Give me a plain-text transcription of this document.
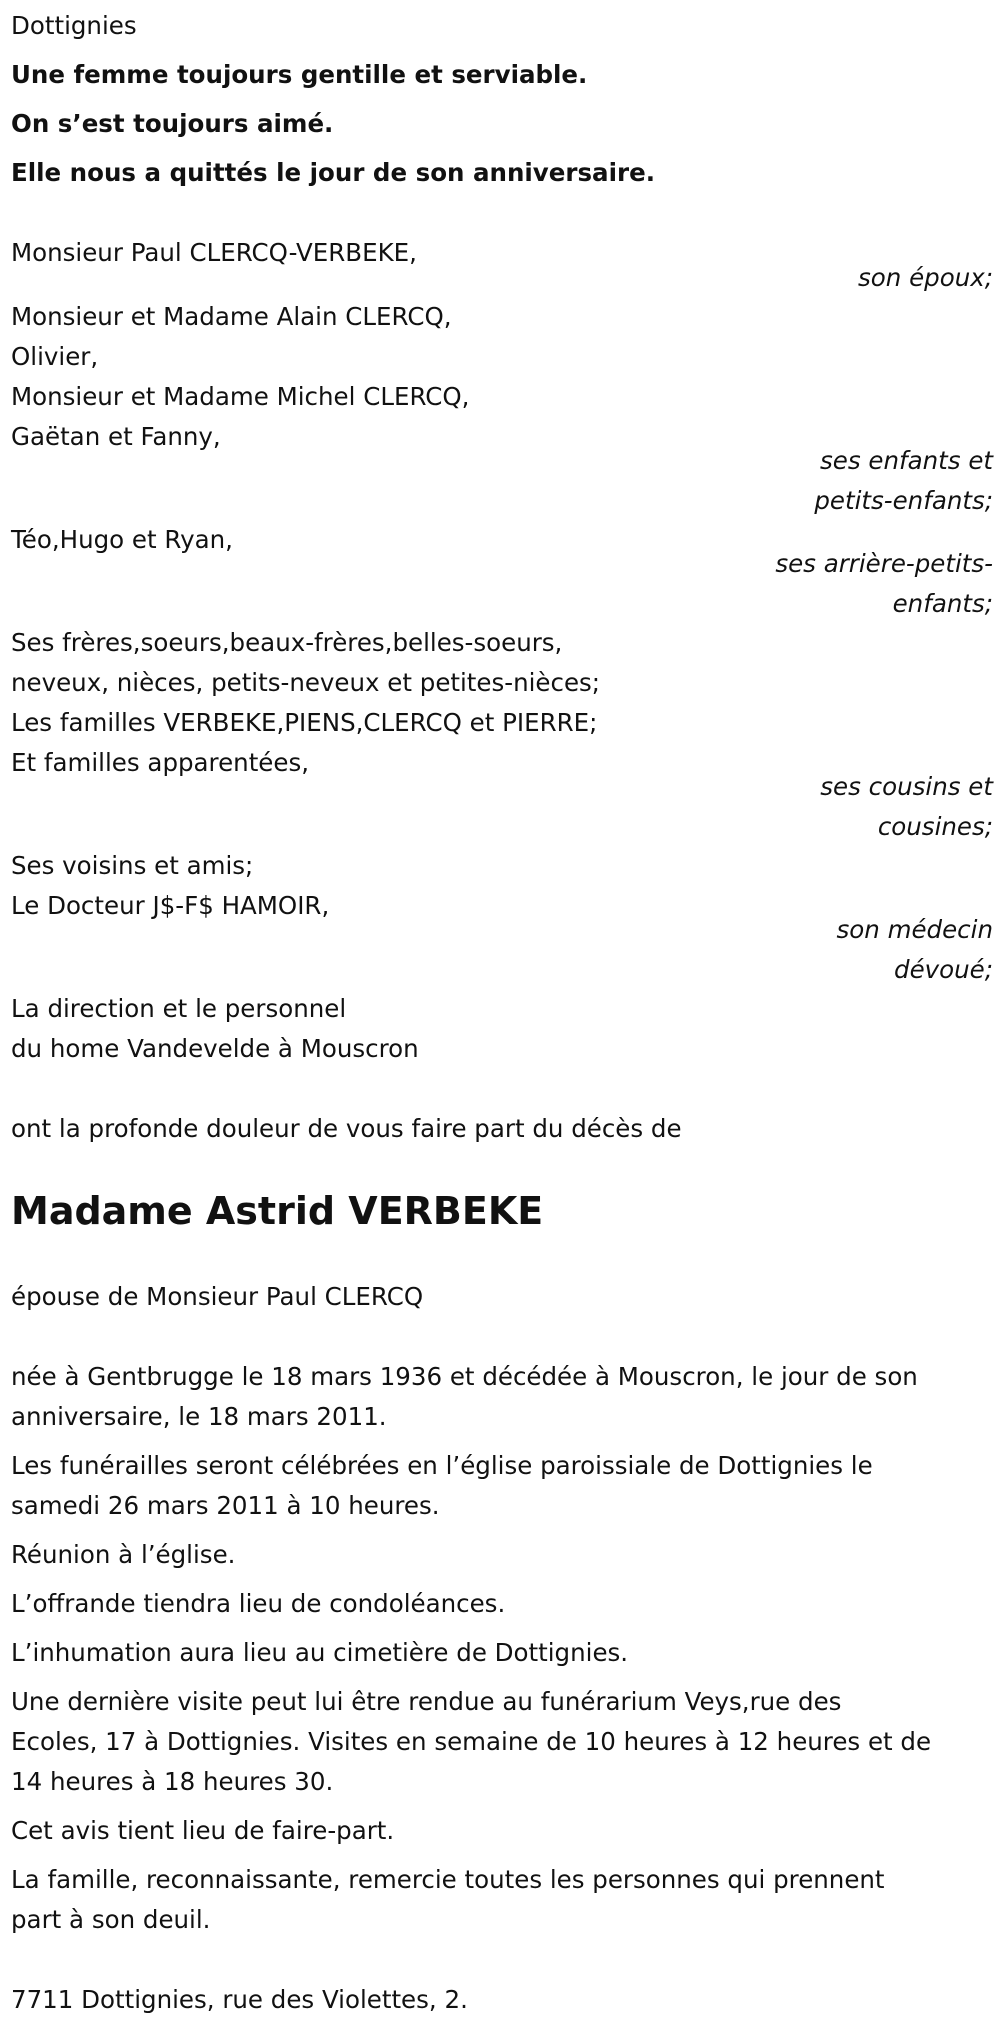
Dottignies

Une femme toujours gentille et serviable.

On s’est toujours aimé.

Elle nous a quittés le jour de son anniversaire.

Monsieur Paul CLERCQ-VERBEKE,

son époux;

Monsieur et Madame Alain CLERCQ,

Olivier,

Monsieur et Madame Michel CLERCQ,

Gaëtan et Fanny,

ses enfants et

petits-enfants;

Téo,Hugo et Ryan,

ses arrière-petits-

enfants;

Ses frères,soeurs,beaux-frères,belles-soeurs,

neveux, nièces, petits-neveux et petites-nièces;

Les familles VERBEKE,PIENS,CLERCQ et PIERRE;

Et familles apparentées,

ses cousins et

cousines;

Ses voisins et amis;

Le Docteur J$-F$ HAMOIR,

son médecin

dévoué;

La direction et le personnel

du home Vandevelde à Mouscron

ont la profonde douleur de vous faire part du décès de

Madame Astrid VERBEKE

épouse de Monsieur Paul CLERCQ

née à Gentbrugge le 18 mars 1936 et décédée à Mouscron, le jour de son

anniversaire, le 18 mars 2011.

Les funérailles seront célébrées en l’église paroissiale de Dottignies le

samedi 26 mars 2011 à 10 heures.

Réunion à l’église.

L’offrande tiendra lieu de condoléances.

L’inhumation aura lieu au cimetière de Dottignies.

Une dernière visite peut lui être rendue au funérarium Veys,rue des

Ecoles, 17 à Dottignies. Visites en semaine de 10 heures à 12 heures et de

14 heures à 18 heures 30.

Cet avis tient lieu de faire-part.

La famille, reconnaissante, remercie toutes les personnes qui prennent

part à son deuil.

7711 Dottignies, rue des Violettes, 2.
